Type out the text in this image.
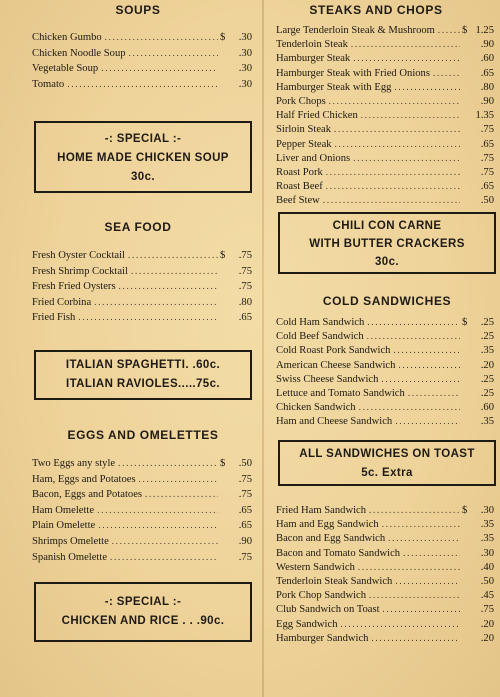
SOUPS
Chicken Gumbo .....	$	.30
Chicken Noodle Soup .....	.30
Vegetable Soup .....	.30
Tomato .....	.30
-: SPECIAL :-
HOME MADE CHICKEN SOUP
30c.
SEA FOOD
Fresh Oyster Cocktail .....	$	.75
Fresh Shrimp Cocktail .....	.75
Fresh Fried Oysters .....	.75
Fried Corbina .....	.80
Fried Fish .....	.65
ITALIAN SPAGHETTI. .60c.
ITALIAN RAVIOLES.....75c.
EGGS AND OMELETTES
Two Eggs any style .....	$	.50
Ham, Eggs and Potatoes .....	.75
Bacon, Eggs and Potatoes .....	.75
Ham Omelette .....	.65
Plain Omelette .....	.65
Shrimps Omelette .....	.90
Spanish Omelette .....	.75
-: SPECIAL :-
CHICKEN AND RICE . . .90c.
STEAKS AND CHOPS
Large Tenderloin Steak & Mushroom .....	$ 1.25
Tenderloin Steak .....	.90
Hamburger Steak .....	.60
Hamburger Steak with Fried Onions .....	.65
Hamburger Steak with Egg .....	.80
Pork Chops .....	.90
Half Fried Chicken .....	1.35
Sirloin Steak .....	.75
Pepper Steak .....	.65
Liver and Onions .....	.75
Roast Pork .....	.75
Roast Beef .....	.65
Beef Stew .....	.50
CHILI CON CARNE
WITH BUTTER CRACKERS
30c.
COLD SANDWICHES
Cold Ham Sandwich .....	$	.25
Cold Beef Sandwich .....	.25
Cold Roast Pork Sandwich .....	.35
American Cheese Sandwich .....	.20
Swiss Cheese Sandwich .....	.25
Lettuce and Tomato Sandwich .....	.25
Chicken Sandwich .....	.60
Ham and Cheese Sandwich .....	.35
ALL SANDWICHES ON TOAST
5c. Extra
Fried Ham Sandwich .....	$	.30
Ham and Egg Sandwich .....	.35
Bacon and Egg Sandwich .....	.35
Bacon and Tomato Sandwich .....	.30
Western Sandwich .....	.40
Tenderloin Steak Sandwich .....	.50
Pork Chop Sandwich .....	.45
Club Sandwich on Toast .....	.75
Egg Sandwich .....	.20
Hamburger Sandwich .....	.20
